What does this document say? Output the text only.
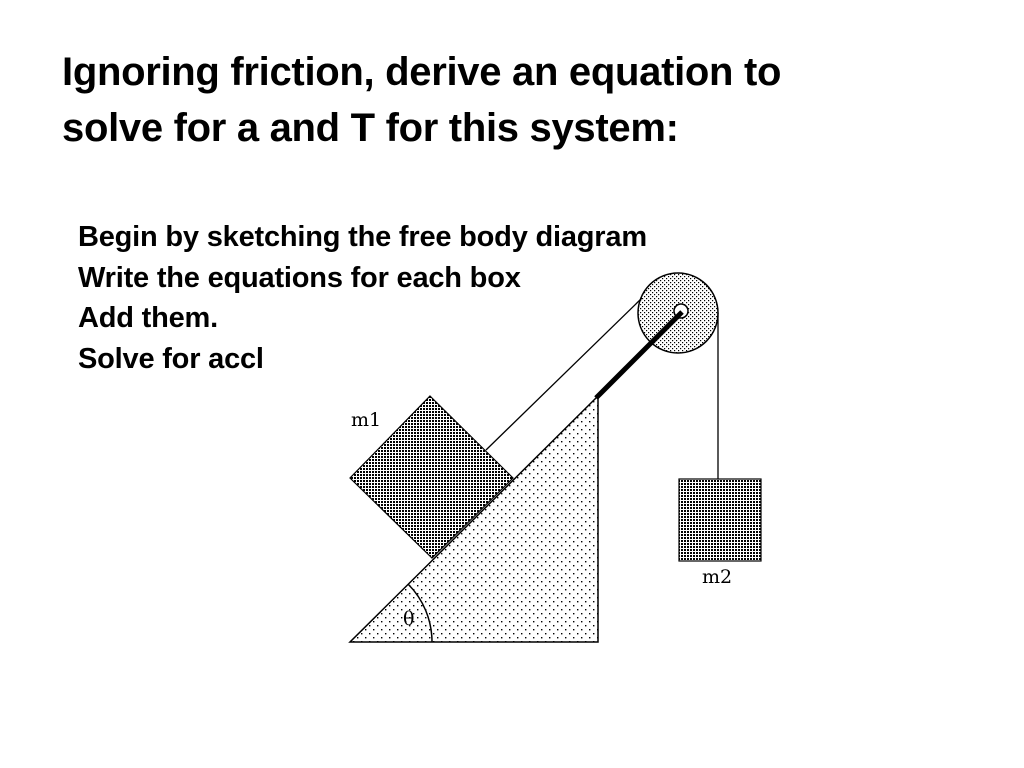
Ignoring friction, derive an equation to
solve for a and T for this system:
Begin by sketching the free body diagram
Write the equations for each box
Add them.
Solve for accl
θ
m1
m2
